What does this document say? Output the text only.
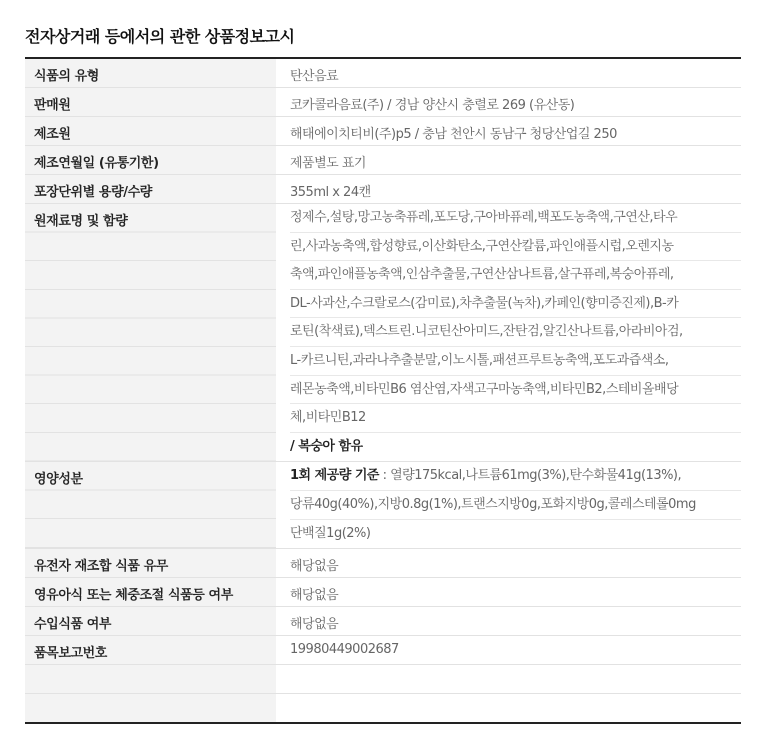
전자상거래 등에서의 관한 상품정보고시
식품의 유형	탄산음료
판매원	코카콜라음료(주) / 경남 양산시 충렬로 269 (유산동)
제조원	해태에이치티비(주)p5 / 충남 천안시 동남구 청당산업길 250
제조연월일 (유통기한)	제품별도 표기
포장단위별 용량/수량	355ml x 24캔
원재료명 및 함량	정제수,설탕,망고농축퓨레,포도당,구아바퓨레,백포도농축액,구연산,타우
린,사과농축액,합성향료,이산화탄소,구연산칼륨,파인애플시럽,오렌지농
축액,파인애플농축액,인삼추출물,구연산삼나트륨,살구퓨레,복숭아퓨레,
DL-사과산,수크랄로스(감미료),차추출물(녹차),카페인(향미증진제),B-카
로틴(착색료),덱스트린.니코틴산아미드,잔탄검,알긴산나트륨,아라비아검,
L-카르니틴,과라나추출분말,이노시톨,패션프루트농축액,포도과즙색소,
레몬농축액,비타민B6 염산염,자색고구마농축액,비타민B2,스테비올배당
체,비타민B12
/ 복숭아 함유
영양성분	1회 제공량 기준 : 열량175kcal,나트륨61mg(3%),탄수화물41g(13%),
당류40g(40%),지방0.8g(1%),트랜스지방0g,포화지방0g,콜레스테롤0mg
단백질1g(2%)
유전자 재조합 식품 유무	해당없음
영유아식 또는 체중조절 식품등 여부	해당없음
수입식품 여부	해당없음
품목보고번호	19980449002687
